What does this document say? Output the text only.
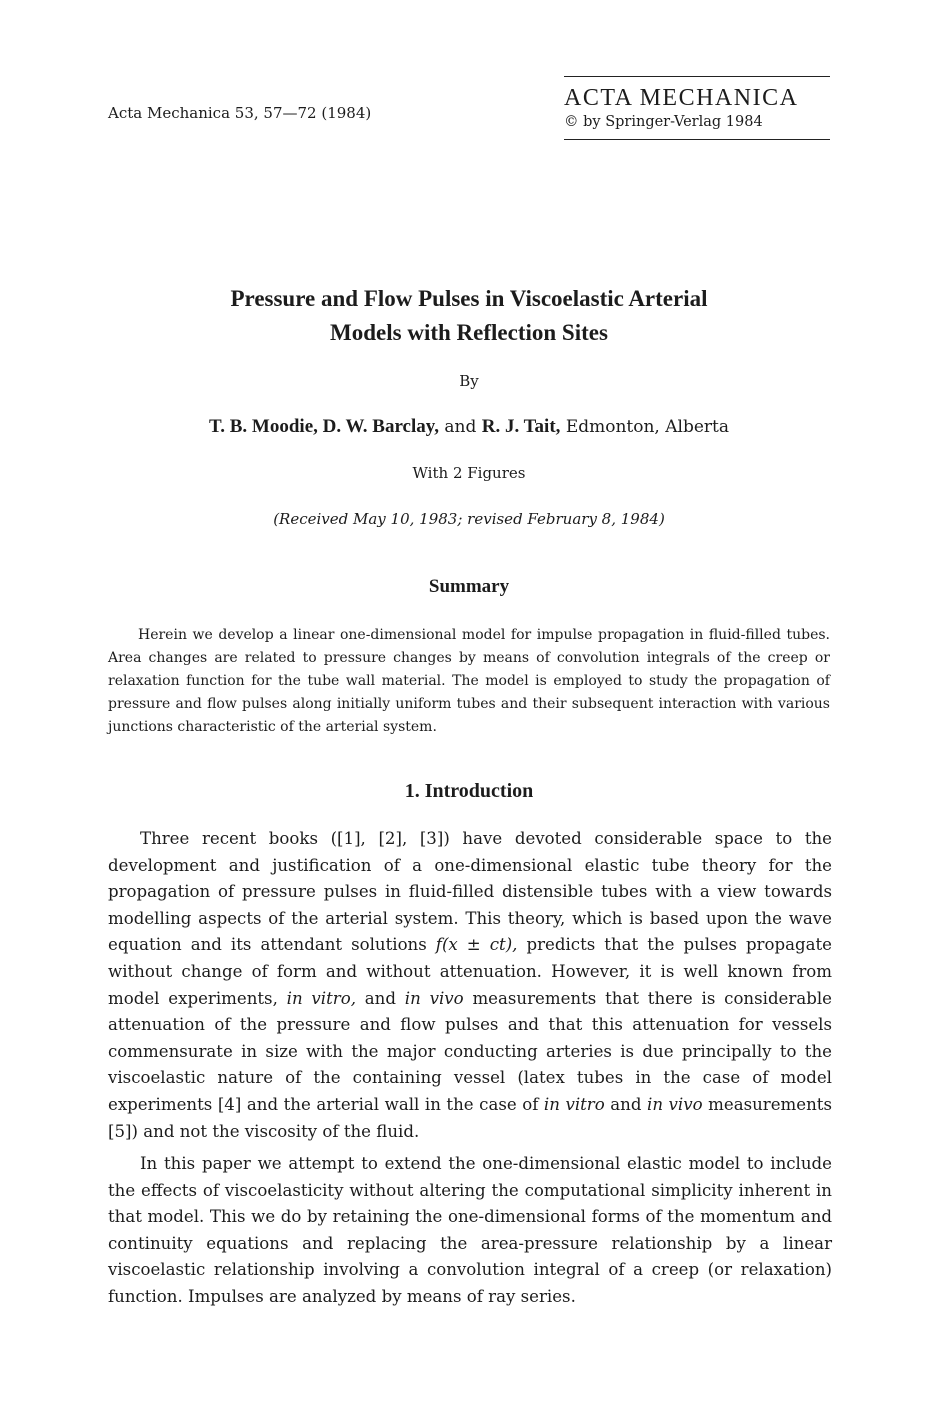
Acta Mechanica 53, 57—72 (1984)
ACTA MECHANICA
© by Springer-Verlag 1984
Pressure and Flow Pulses in Viscoelastic Arterial
Models with Reflection Sites
By
T. B. Moodie, D. W. Barclay, and R. J. Tait, Edmonton, Alberta
With 2 Figures
(Received May 10, 1983; revised February 8, 1984)
Summary

Herein we develop a linear one-dimensional model for impulse propagation in fluid-filled tubes. Area changes are related to pressure changes by means of convolution integrals of the creep or relaxation function for the tube wall material. The model is employed to study the propagation of pressure and flow pulses along initially uniform tubes and their subsequent interaction with various junctions characteristic of the arterial system.

1. Introduction

Three recent books ([1], [2], [3]) have devoted considerable space to the development and justification of a one-dimensional elastic tube theory for the propagation of pressure pulses in fluid-filled distensible tubes with a view towards modelling aspects of the arterial system. This theory, which is based upon the wave equation and its attendant solutions f(x ± ct), predicts that the pulses propagate without change of form and without attenuation. However, it is well known from model experiments, in vitro, and in vivo measurements that there is considerable attenuation of the pressure and flow pulses and that this attenuation for vessels commensurate in size with the major conducting arteries is due principally to the viscoelastic nature of the containing vessel (latex tubes in the case of model experiments [4] and the arterial wall in the case of in vitro and in vivo measurements [5]) and not the viscosity of the fluid.

In this paper we attempt to extend the one-dimensional elastic model to include the effects of viscoelasticity without altering the computational simplicity inherent in that model. This we do by retaining the one-dimensional forms of the momentum and continuity equations and replacing the area-pressure relationship by a linear viscoelastic relationship involving a convolution integral of a creep (or relaxation) function. Impulses are analyzed by means of ray series.
